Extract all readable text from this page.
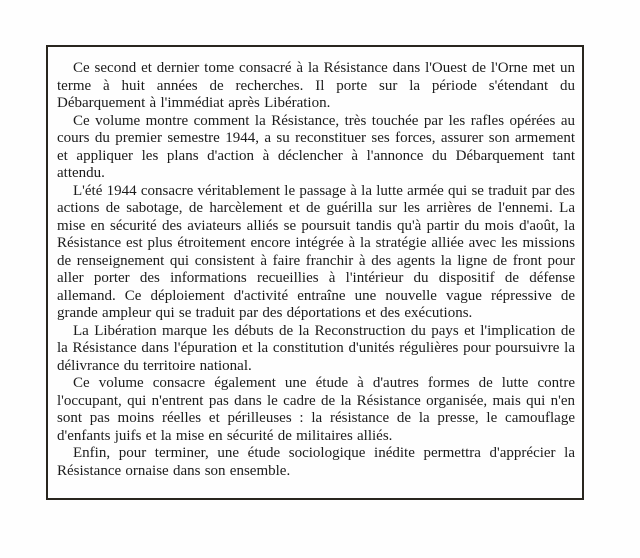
Ce second et dernier tome consacré à la Résistance dans l'Ouest de l'Orne met un terme à huit années de recherches. Il porte sur la période s'étendant du Débarquement à l'immédiat après Libération.

Ce volume montre comment la Résistance, très touchée par les rafles opérées au cours du premier semestre 1944, a su reconstituer ses forces, assurer son armement et appliquer les plans d'action à déclencher à l'annonce du Débarquement tant attendu.

L'été 1944 consacre véritablement le passage à la lutte armée qui se traduit par des actions de sabotage, de harcèlement et de guérilla sur les arrières de l'ennemi. La mise en sécurité des aviateurs alliés se poursuit tandis qu'à partir du mois d'août, la Résistance est plus étroitement encore intégrée à la stratégie alliée avec les missions de renseignement qui consistent à faire franchir à des agents la ligne de front pour aller porter des informations recueillies à l'intérieur du dispositif de défense allemand. Ce déploiement d'activité entraîne une nouvelle vague répressive de grande ampleur qui se traduit par des déportations et des exécutions.

La Libération marque les débuts de la Reconstruction du pays et l'implication de la Résistance dans l'épuration et la constitution d'unités régulières pour poursuivre la délivrance du territoire national.

Ce volume consacre également une étude à d'autres formes de lutte contre l'occupant, qui n'entrent pas dans le cadre de la Résistance organisée, mais qui n'en sont pas moins réelles et périlleuses : la résistance de la presse, le camouflage d'enfants juifs et la mise en sécurité de militaires alliés.

Enfin, pour terminer, une étude sociologique inédite permettra d'apprécier la Résistance ornaise dans son ensemble.
